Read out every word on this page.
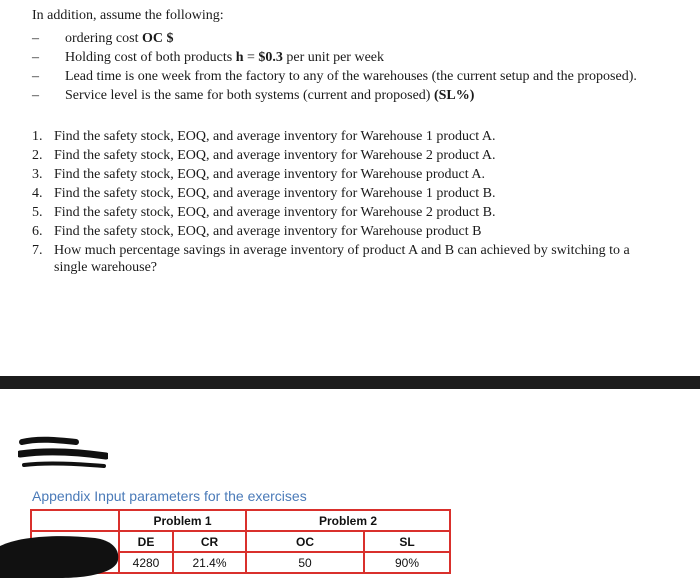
In addition, assume the following:

– ordering cost OC $
– Holding cost of both products h = $0.3 per unit per week
– Lead time is one week from the factory to any of the warehouses (the current setup and the proposed).
– Service level is the same for both systems (current and proposed) (SL%)
1. Find the safety stock, EOQ, and average inventory for Warehouse 1 product A.
2. Find the safety stock, EOQ, and average inventory for Warehouse 2 product A.
3. Find the safety stock, EOQ, and average inventory for Warehouse product A.
4. Find the safety stock, EOQ, and average inventory for Warehouse 1 product B.
5. Find the safety stock, EOQ, and average inventory for Warehouse 2 product B.
6. Find the safety stock, EOQ, and average inventory for Warehouse product B
7. How much percentage savings in average inventory of product A and B can achieved by switching to a single warehouse?
Appendix Input parameters for the exercises
	Problem 1		Problem 2	
	DE	CR	OC	SL
	4280	21.4%	50	90%
